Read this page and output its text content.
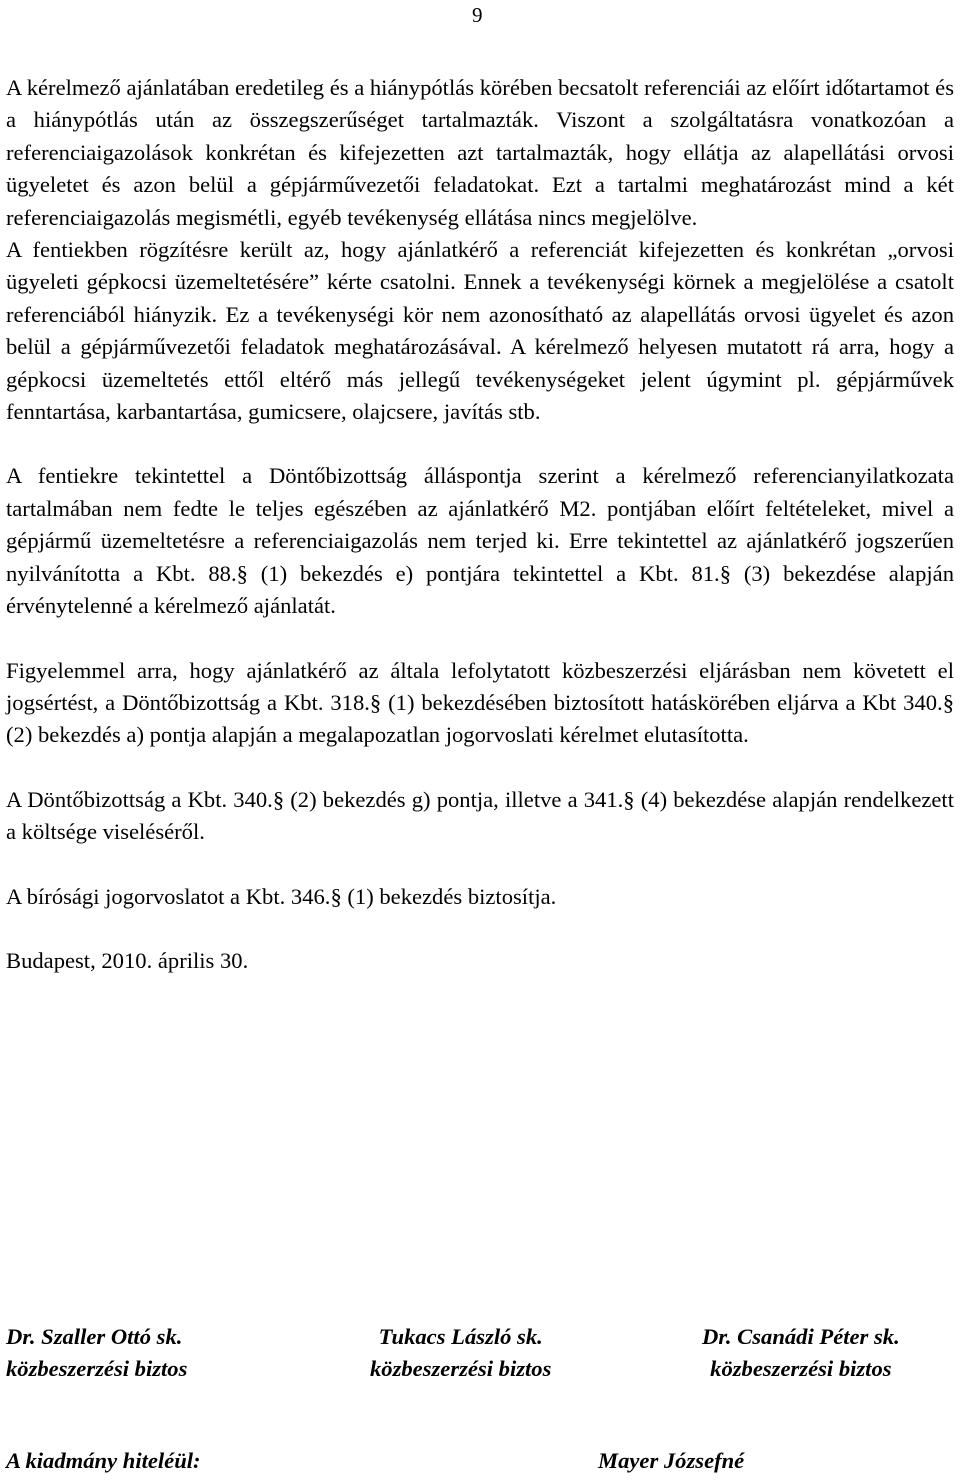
9

A kérelmező ajánlatában eredetileg és a hiánypótlás körében becsatolt referenciái az előírt időtartamot és a hiánypótlás után az összegszerűséget tartalmazták. Viszont a szolgáltatásra vonatkozóan a referenciaigazolások konkrétan és kifejezetten azt tartalmazták, hogy ellátja az alapellátási orvosi ügyeletet és azon belül a gépjárművezetői feladatokat. Ezt a tartalmi meghatározást mind a két referenciaigazolás megismétli, egyéb tevékenység ellátása nincs megjelölve.

A fentiekben rögzítésre került az, hogy ajánlatkérő a referenciát kifejezetten és konkrétan „orvosi ügyeleti gépkocsi üzemeltetésére” kérte csatolni. Ennek a tevékenységi körnek a megjelölése a csatolt referenciából hiányzik. Ez a tevékenységi kör nem azonosítható az alapellátás orvosi ügyelet és azon belül a gépjárművezetői feladatok meghatározásával. A kérelmező helyesen mutatott rá arra, hogy a gépkocsi üzemeltetés ettől eltérő más jellegű tevékenységeket jelent úgymint pl. gépjárművek fenntartása, karbantartása, gumicsere, olajcsere, javítás stb.

A fentiekre tekintettel a Döntőbizottság álláspontja szerint a kérelmező referencianyilatkozata tartalmában nem fedte le teljes egészében az ajánlatkérő M2. pontjában előírt feltételeket, mivel a gépjármű üzemeltetésre a referenciaigazolás nem terjed ki. Erre tekintettel az ajánlatkérő jogszerűen nyilvánította a Kbt. 88.§ (1) bekezdés e) pontjára tekintettel a Kbt. 81.§ (3) bekezdése alapján érvénytelenné a kérelmező ajánlatát.

Figyelemmel arra, hogy ajánlatkérő az általa lefolytatott közbeszerzési eljárásban nem követett el jogsértést, a Döntőbizottság a Kbt. 318.§ (1) bekezdésében biztosított hatáskörében eljárva a Kbt 340.§ (2) bekezdés a) pontja alapján a megalapozatlan jogorvoslati kérelmet elutasította.

A Döntőbizottság a Kbt. 340.§ (2) bekezdés g) pontja, illetve a 341.§ (4) bekezdése alapján rendelkezett a költsége viseléséről.

A bírósági jogorvoslatot a Kbt. 346.§ (1) bekezdés biztosítja.

Budapest, 2010. április 30.

Dr. Szaller Ottó sk.
közbeszerzési biztos
Tukacs László sk.
közbeszerzési biztos
Dr. Csanádi Péter sk.
közbeszerzési biztos
A kiadmány hiteléül:	Mayer Józsefné
